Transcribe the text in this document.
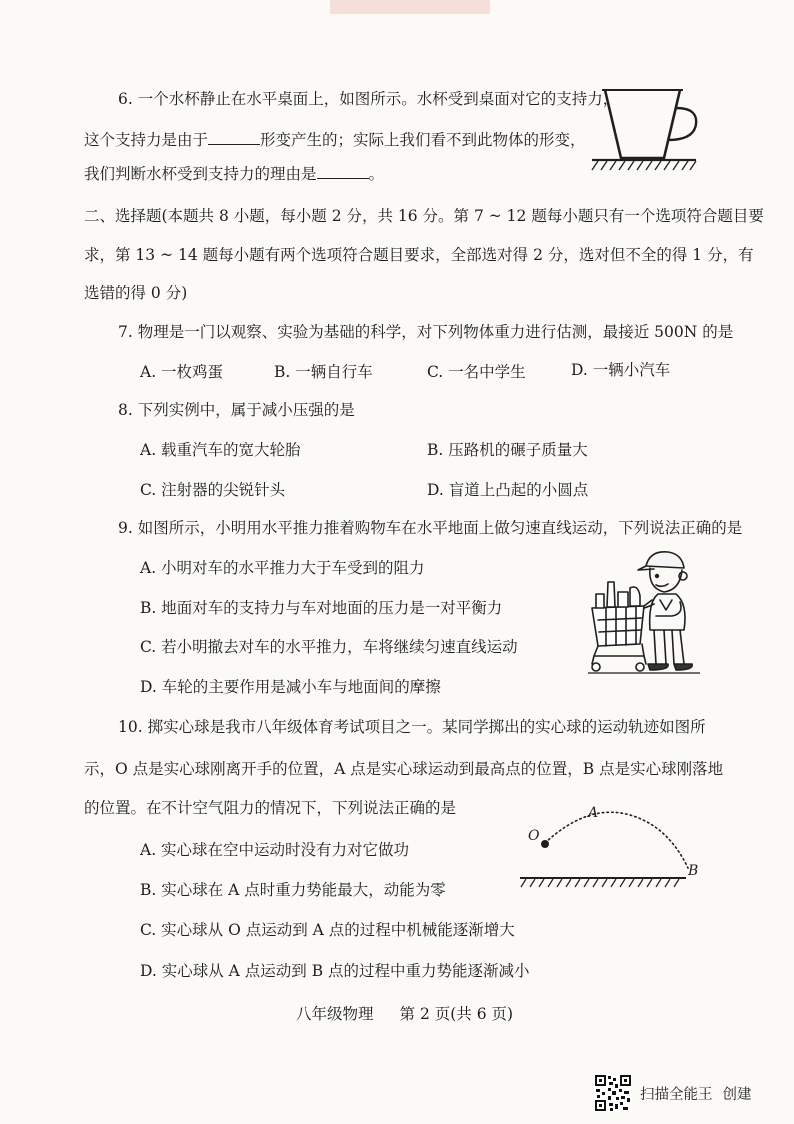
6. 一个水杯静止在水平桌面上，如图所示。水杯受到桌面对它的支持力，
这个支持力是由于	形变产生的；实际上我们看不到此物体的形变，
我们判断水杯受到支持力的理由是	。
二、选择题(本题共 8 小题，每小题 2 分，共 16 分。第 7 ~ 12 题每小题只有一个选项符合题目要
求，第 13 ~ 14 题每小题有两个选项符合题目要求，全部选对得 2 分，选对但不全的得 1 分，有
选错的得 0 分)
7. 物理是一门以观察、实验为基础的科学，对下列物体重力进行估测，最接近 500N 的是
A. 一枚鸡蛋	B. 一辆自行车	C. 一名中学生	D. 一辆小汽车
8. 下列实例中，属于减小压强的是
A. 载重汽车的宽大轮胎	B. 压路机的碾子质量大
C. 注射器的尖锐针头	D. 盲道上凸起的小圆点
9. 如图所示，小明用水平推力推着购物车在水平地面上做匀速直线运动，下列说法正确的是
A. 小明对车的水平推力大于车受到的阻力
B. 地面对车的支持力与车对地面的压力是一对平衡力
C. 若小明撤去对车的水平推力，车将继续匀速直线运动
D. 车轮的主要作用是减小车与地面间的摩擦
10. 掷实心球是我市八年级体育考试项目之一。某同学掷出的实心球的运动轨迹如图所
示，O 点是实心球刚离开手的位置，A 点是实心球运动到最高点的位置，B 点是实心球刚落地
的位置。在不计空气阻力的情况下，下列说法正确的是
A. 实心球在空中运动时没有力对它做功
B. 实心球在 A 点时重力势能最大，动能为零
C. 实心球从 O 点运动到 A 点的过程中机械能逐渐增大
D. 实心球从 A 点运动到 B 点的过程中重力势能逐渐减小
O
A
B
八年级物理 第 2 页(共 6 页)
扫描全能王 创建
